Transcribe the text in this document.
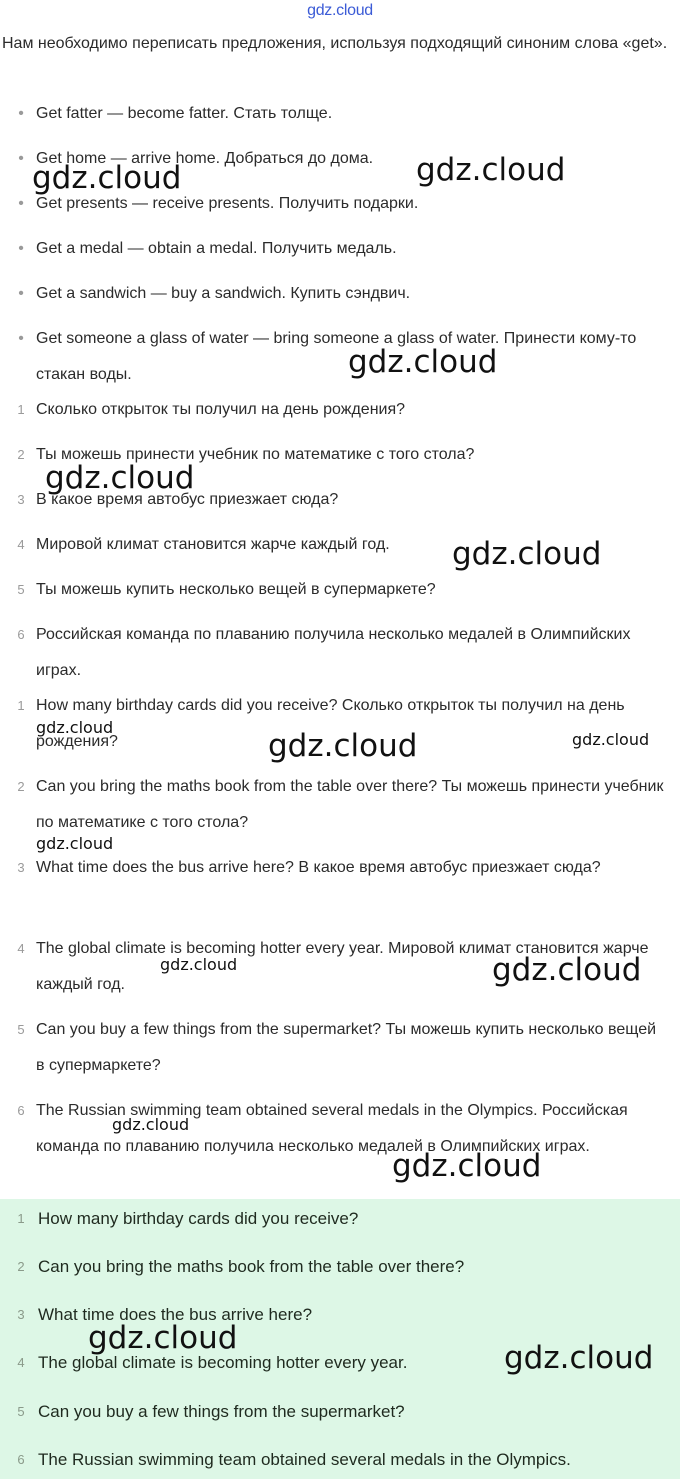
gdz.cloud

Нам необходимо переписать предложения, используя подходящий синоним слова «get».

• Get fatter — become fatter. Стать толще.

• Get home — arrive home. Добраться до дома.

• Get presents — receive presents. Получить подарки.

• Get a medal — obtain a medal. Получить медаль.

• Get a sandwich — buy a sandwich. Купить сэндвич.

• Get someone a glass of water — bring someone a glass of water. Принести кому-то стакан воды.

1 Сколько открыток ты получил на день рождения?

2 Ты можешь принести учебник по математике с того стола?

3 В какое время автобус приезжает сюда?

4 Мировой климат становится жарче каждый год.

5 Ты можешь купить несколько вещей в супермаркете?

6 Российская команда по плаванию получила несколько медалей в Олимпийских играх.

1 How many birthday cards did you receive? Сколько открыток ты получил на день рождения?

2 Can you bring the maths book from the table over there? Ты можешь принести учебник по математике с того стола?

3 What time does the bus arrive here? В какое время автобус приезжает сюда?

4 The global climate is becoming hotter every year. Мировой климат становится жарче каждый год.

5 Can you buy a few things from the supermarket? Ты можешь купить несколько вещей в супермаркете?

6 The Russian swimming team obtained several medals in the Olympics. Российская команда по плаванию получила несколько медалей в Олимпийских играх.

1 How many birthday cards did you receive?

2 Can you bring the maths book from the table over there?

3 What time does the bus arrive here?

4 The global climate is becoming hotter every year.

5 Can you buy a few things from the supermarket?

6 The Russian swimming team obtained several medals in the Olympics.

gdz.cloud	gdz.cloud
gdz.cloud
gdz.cloud
gdz.cloud
gdz.cloud
gdz.cloud	gdz.cloud
gdz.cloud
gdz.cloud	gdz.cloud
gdz.cloud
gdz.cloud
gdz.cloud
gdz.cloud
